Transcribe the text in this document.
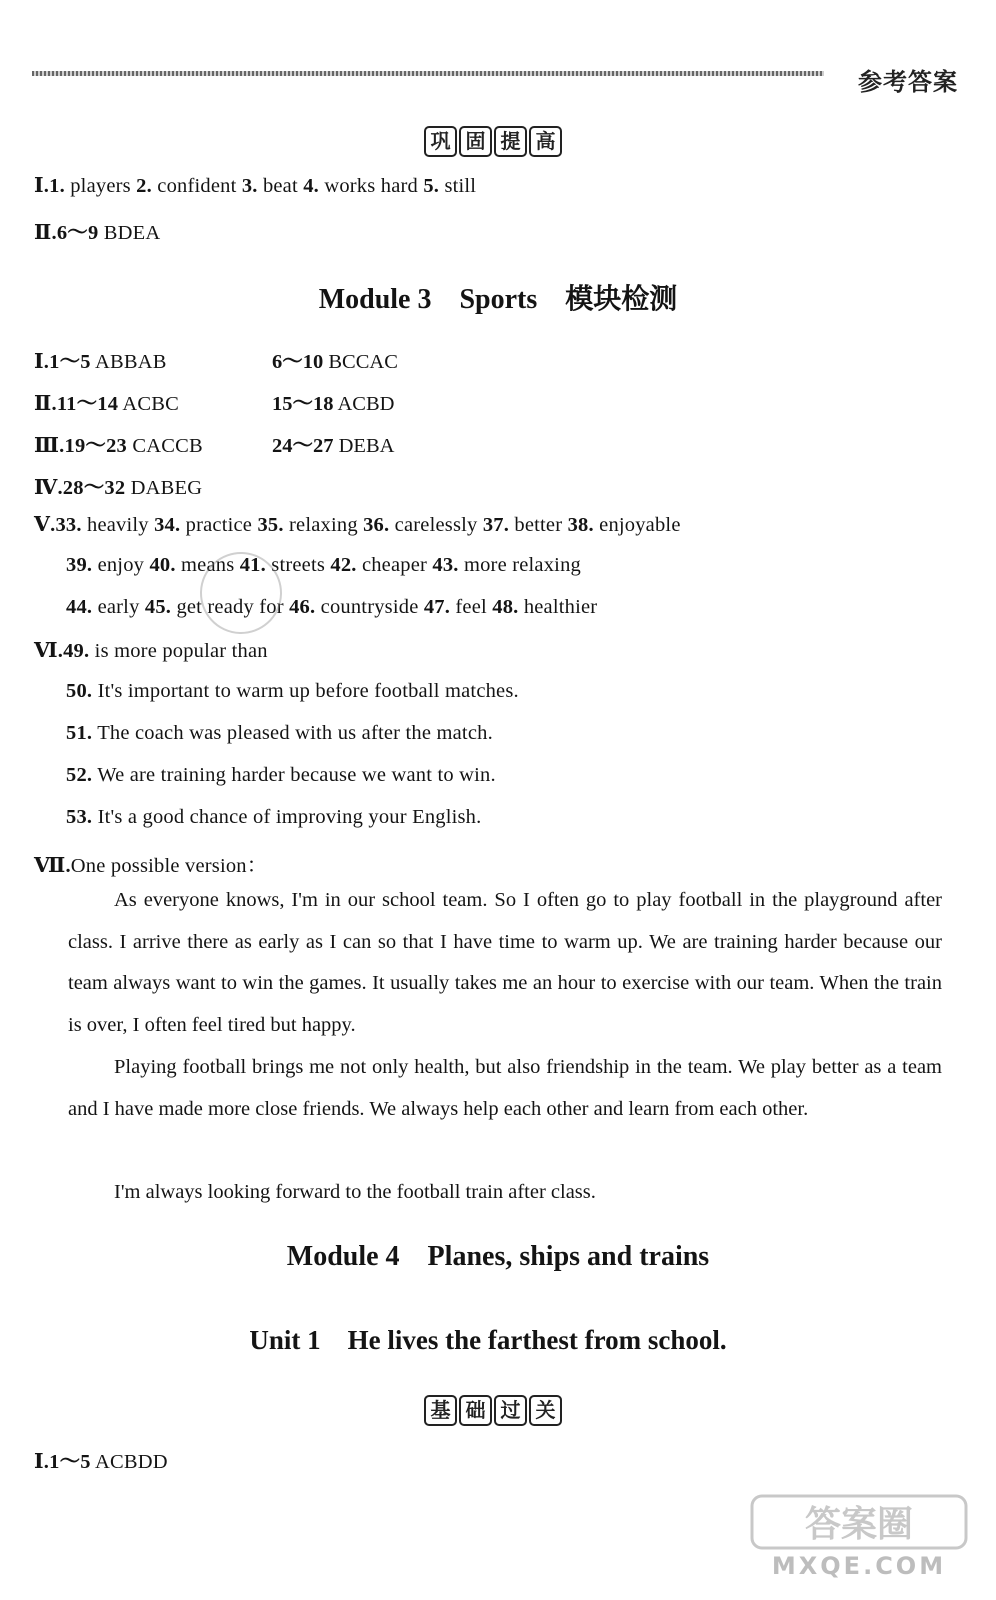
参考答案
巩 固 提 高
Ⅰ.1. players 2. confident 3. beat 4. works hard 5. still
Ⅱ.6～9 BDEA
Module 3　Sports　模块检测
Ⅰ.1～5 ABBAB	6～10 BCCAC
Ⅱ.11～14 ACBC	15～18 ACBD
Ⅲ.19～23 CACCB	24～27 DEBA
Ⅳ.28～32 DABEG
Ⅴ.33. heavily 34. practice 35. relaxing 36. carelessly 37. better 38. enjoyable
39. enjoy 40. means 41. streets 42. cheaper 43. more relaxing
44. early 45. get ready for 46. countryside 47. feel 48. healthier
Ⅵ.49. is more popular than
50. It's important to warm up before football matches.
51. The coach was pleased with us after the match.
52. We are training harder because we want to win.
53. It's a good chance of improving your English.
Ⅶ.One possible version：
As everyone knows, I'm in our school team. So I often go to play football in the playground after class. I arrive there as early as I can so that I have time to warm up. We are training harder because our team always want to win the games. It usually takes me an hour to exercise with our team. When the train is over, I often feel tired but happy.
Playing football brings me not only health, but also friendship in the team. We play better as a team and I have made more close friends. We always help each other and learn from each other.
I'm always looking forward to the football train after class.
Module 4　Planes, ships and trains
Unit 1　He lives the farthest from school.
基 础 过 关
Ⅰ.1～5 ACBDD
答案圈
MXQE.COM
